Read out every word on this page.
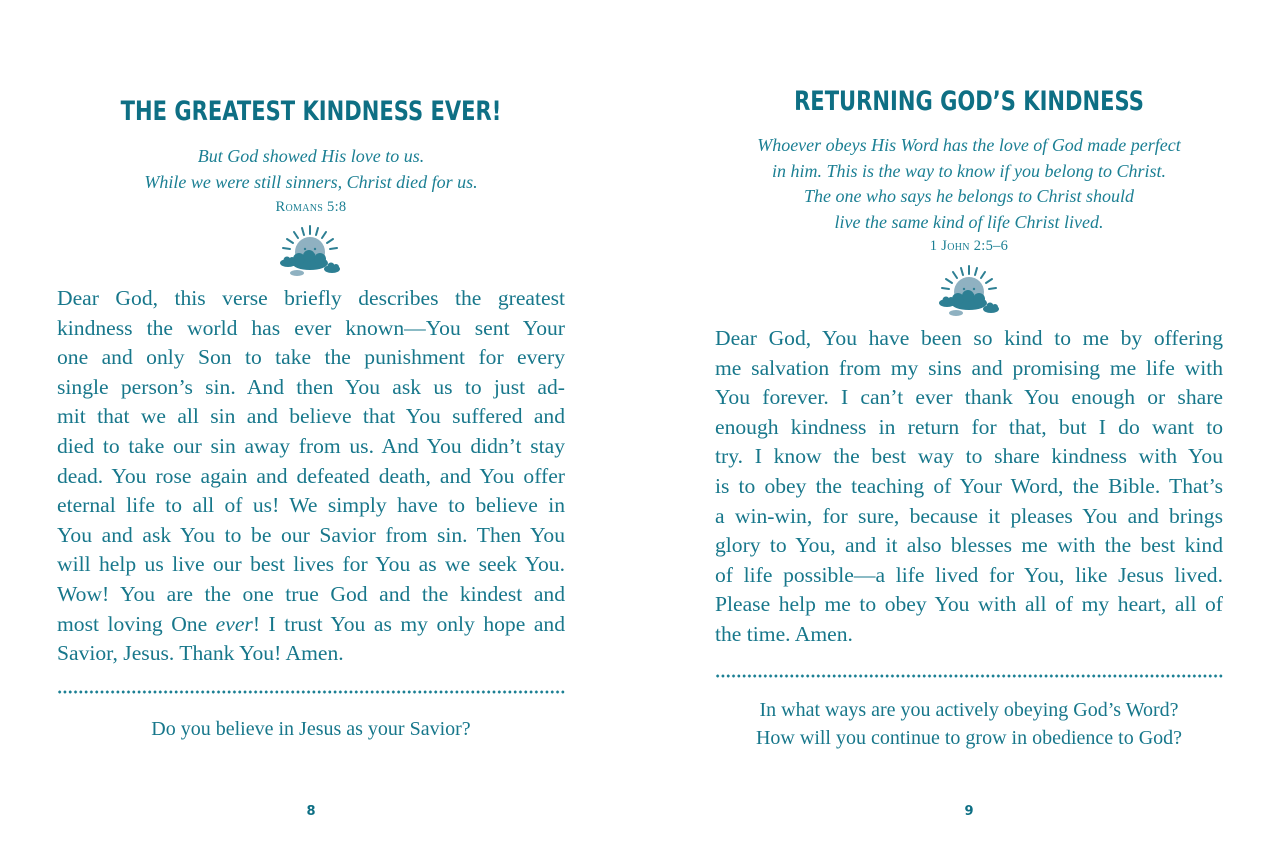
THE GREATEST KINDNESS EVER!
But God showed His love to us.
While we were still sinners, Christ died for us.
Romans 5:8
Dear God, this verse briefly describes the greatest
kindness the world has ever known—You sent Your
one and only Son to take the punishment for every
single person’s sin. And then You ask us to just ad-
mit that we all sin and believe that You suffered and
died to take our sin away from us. And You didn’t stay
dead. You rose again and defeated death, and You offer
eternal life to all of us! We simply have to believe in
You and ask You to be our Savior from sin. Then You
will help us live our best lives for You as we seek You.
Wow! You are the one true God and the kindest and
most loving One ever! I trust You as my only hope and
Savior, Jesus. Thank You! Amen.
Do you believe in Jesus as your Savior?
8
RETURNING GOD’S KINDNESS
Whoever obeys His Word has the love of God made perfect
in him. This is the way to know if you belong to Christ.
The one who says he belongs to Christ should
live the same kind of life Christ lived.
1 John 2:5–6
Dear God, You have been so kind to me by offering
me salvation from my sins and promising me life with
You forever. I can’t ever thank You enough or share
enough kindness in return for that, but I do want to
try. I know the best way to share kindness with You
is to obey the teaching of Your Word, the Bible. That’s
a win-win, for sure, because it pleases You and brings
glory to You, and it also blesses me with the best kind
of life possible—a life lived for You, like Jesus lived.
Please help me to obey You with all of my heart, all of
the time. Amen.
In what ways are you actively obeying God’s Word?
How will you continue to grow in obedience to God?
9
